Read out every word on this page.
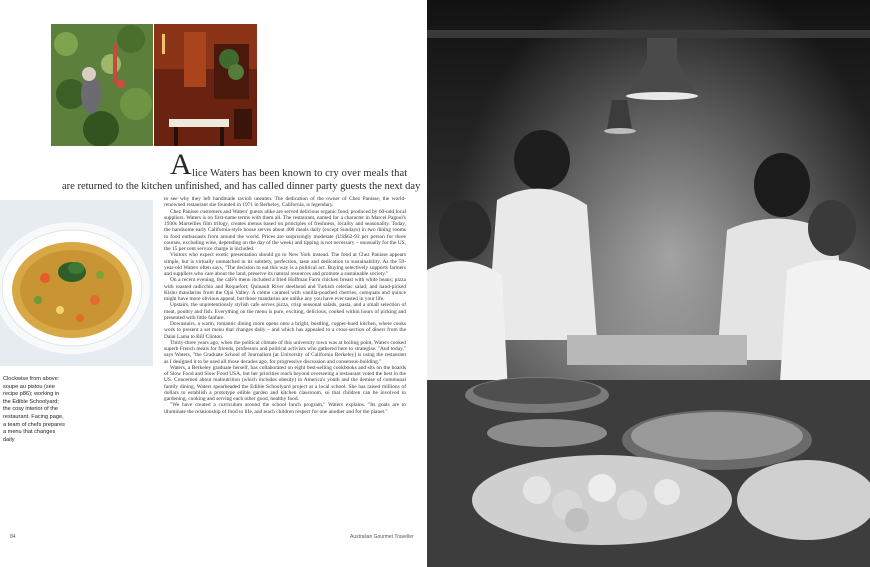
A lice Waters has been known to cry over meals that
are returned to the kitchen unfinished, and has called dinner party guests the next day

to see why they left handmade ravioli uneaten. The dedication of the owner of Chez Panisse, the world-renowned restaurant she founded in 1971 in Berkeley, California, is legendary.

Chez Panisse customers and Waters' guests alike are served delicious organic food, produced by 60-odd local suppliers. Waters is on first-name terms with them all. The restaurant, named for a character in Marcel Pagnol's 1930s Marseilles film trilogy, creates menus based on principles of freshness, locality and seasonality. Today, the handsome early California-style house serves about 400 meals daily (except Sundays) in two dining rooms to food enthusiasts from around the world. Prices are surprisingly moderate (US$62-93 per person for three courses, excluding wine, depending on the day of the week) and tipping is not necessary – unusually for the US, the 15 per cent service charge is included.

Visitors who expect exotic presentation should go to New York instead. The food at Chez Panisse appears simple, but is virtually unmatched in its subtlety, perfection, taste and dedication to sustainability. As the 59-year-old Waters often says, "The decision to eat this way is a political act. Buying selectively supports farmers and suppliers who care about the land, preserve its natural resources and promote a sustainable society."

On a recent evening, the café's menu included a fried Hoffman Farm chicken breast with white beans; pizza with roasted radicchio and Roquefort; Quinault River steelhead and Turkish celeriac salad; and hand-picked Kishu mandarins from the Ojai Valley. A crème caramel with vanilla-poached cherries, cumquats and quince might have more obvious appeal, but those mandarins are unlike any you have ever tasted in your life.

Upstairs, the unpretentiously stylish cafe serves pizza, crisp seasonal salads, pasta, and a small selection of meat, poultry and fish. Everything on the menu is pure, exciting, delicious, cooked within hours of picking and presented with little fanfare.

Downstairs, a warm, romantic dining room opens onto a bright, bustling, copper-hued kitchen, where cooks work to present a set menu that changes daily – and which has appealed to a cross-section of diners from the Dalai Lama to Bill Clinton.

Thirty-three years ago, when the political climate of this university town was at boiling point, Waters cooked superb French meals for friends, professors and political activists who gathered here to strategise. "And today," says Waters, "the Graduate School of Journalism [at University of California Berkeley] is using the restaurant as I designed it to be used all those decades ago, for progressive discussion and consensus-building."

Waters, a Berkeley graduate herself, has collaborated on eight best-selling cookbooks and sits on the boards of Slow Food and Slow Food USA, but her priorities reach beyond overseeing a restaurant voted the best in the US. Concerned about malnutrition (which includes obesity) in America's youth and the demise of communal family dining, Waters spearheaded the Edible Schoolyard project at a local school. She has raised millions of dollars to establish a prototype edible garden and kitchen classroom, so that children can be involved in gardening, cooking and serving each other good, healthy food.

"We have created a curriculum around the school lunch program," Waters explains. "Its goals are to illuminate the relationship of food to life, and teach children respect for one another and for the planet."

Clockwise from above: soupe au pistou (see recipe p86); working in the Edible Schoolyard; the cosy interior of the restaurant. Facing page, a team of chefs prepares a menu that changes daily
84	Australian Gourmet Traveller
